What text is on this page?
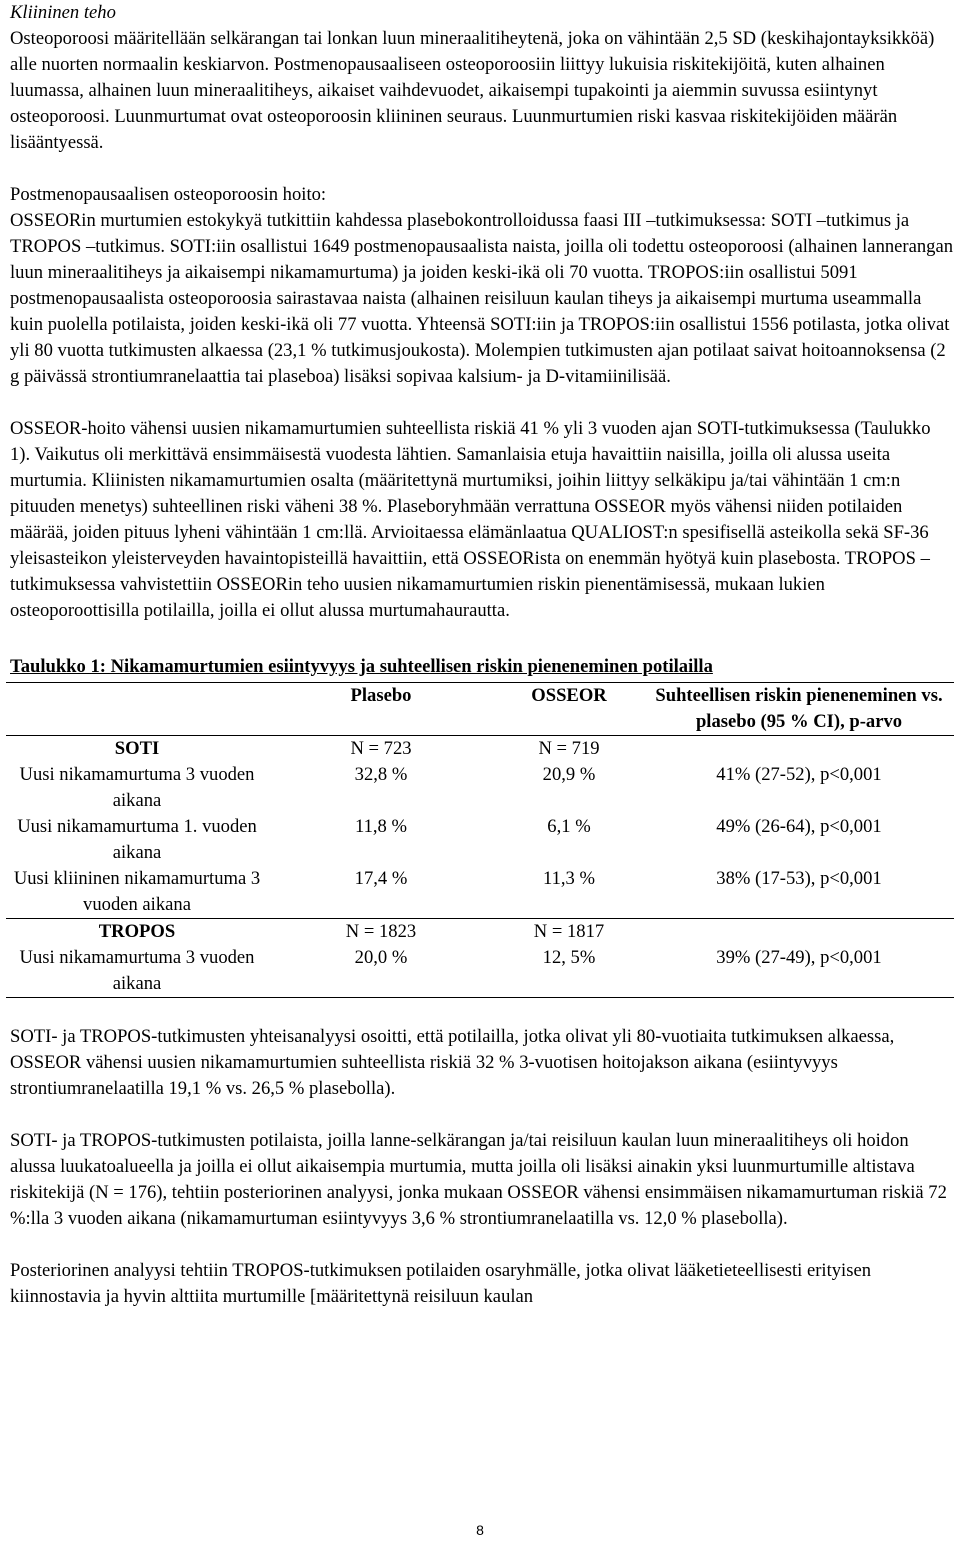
Kliininen teho

Osteoporoosi määritellään selkärangan tai lonkan luun mineraalitiheytenä, joka on vähintään 2,5 SD (keskihajontayksikköä) alle nuorten normaalin keskiarvon. Postmenopausaaliseen osteoporoosiin liittyy lukuisia riskitekijöitä, kuten alhainen luumassa, alhainen luun mineraalitiheys, aikaiset vaihdevuodet, aikaisempi tupakointi ja aiemmin suvussa esiintynyt osteoporoosi. Luunmurtumat ovat osteoporoosin kliininen seuraus. Luunmurtumien riski kasvaa riskitekijöiden määrän lisääntyessä.

Postmenopausaalisen osteoporoosin hoito:

OSSEORin murtumien estokykyä tutkittiin kahdessa plasebokontrolloidussa faasi III –tutkimuksessa: SOTI –tutkimus ja TROPOS –tutkimus. SOTI:iin osallistui 1649 postmenopausaalista naista, joilla oli todettu osteoporoosi (alhainen lannerangan luun mineraalitiheys ja aikaisempi nikamamurtuma) ja joiden keski-ikä oli 70 vuotta. TROPOS:iin osallistui 5091 postmenopausaalista osteoporoosia sairastavaa naista (alhainen reisiluun kaulan tiheys ja aikaisempi murtuma useammalla kuin puolella potilaista, joiden keski-ikä oli 77 vuotta. Yhteensä SOTI:iin ja TROPOS:iin osallistui 1556 potilasta, jotka olivat yli 80 vuotta tutkimusten alkaessa (23,1 % tutkimusjoukosta). Molempien tutkimusten ajan potilaat saivat hoitoannoksensa (2 g päivässä strontiumranelaattia tai plaseboa) lisäksi sopivaa kalsium- ja D-vitamiinilisää.

OSSEOR-hoito vähensi uusien nikamamurtumien suhteellista riskiä 41 % yli 3 vuoden ajan SOTI-tutkimuksessa (Taulukko 1). Vaikutus oli merkittävä ensimmäisestä vuodesta lähtien. Samanlaisia etuja havaittiin naisilla, joilla oli alussa useita murtumia. Kliinisten nikamamurtumien osalta (määritettynä murtumiksi, joihin liittyy selkäkipu ja/tai vähintään 1 cm:n pituuden menetys) suhteellinen riski väheni 38 %. Plaseboryhmään verrattuna OSSEOR myös vähensi niiden potilaiden määrää, joiden pituus lyheni vähintään 1 cm:llä. Arvioitaessa elämänlaatua QUALIOST:n spesifisellä asteikolla sekä SF-36 yleisasteikon yleisterveyden havaintopisteillä havaittiin, että OSSEORista on enemmän hyötyä kuin plasebosta. TROPOS –tutkimuksessa vahvistettiin OSSEORin teho uusien nikamamurtumien riskin pienentämisessä, mukaan lukien osteoporoottisilla potilailla, joilla ei ollut alussa murtumahaurautta.

Taulukko 1: Nikamamurtumien esiintyvyys ja suhteellisen riskin pieneneminen potilailla
	Plasebo	OSSEOR	Suhteellisen riskin pieneneminen vs. plasebo (95 % CI), p-arvo
SOTI	N = 723	N = 719	
Uusi nikamamurtuma 3 vuoden aikana	32,8 %	20,9 %	41% (27-52), p<0,001
Uusi nikamamurtuma 1. vuoden aikana	11,8 %	6,1 %	49% (26-64), p<0,001
Uusi kliininen nikamamurtuma 3 vuoden aikana	17,4 %	11,3 %	38% (17-53), p<0,001
TROPOS	N = 1823	N = 1817	
Uusi nikamamurtuma 3 vuoden aikana	20,0 %	12, 5%	39% (27-49), p<0,001

SOTI- ja TROPOS-tutkimusten yhteisanalyysi osoitti, että potilailla, jotka olivat yli 80-vuotiaita tutkimuksen alkaessa, OSSEOR vähensi uusien nikamamurtumien suhteellista riskiä 32 % 3-vuotisen hoitojakson aikana (esiintyvyys strontiumranelaatilla 19,1 % vs. 26,5 % plasebolla).

SOTI- ja TROPOS-tutkimusten potilaista, joilla lanne-selkärangan ja/tai reisiluun kaulan luun mineraalitiheys oli hoidon alussa luukatoalueella ja joilla ei ollut aikaisempia murtumia, mutta joilla oli lisäksi ainakin yksi luunmurtumille altistava riskitekijä (N = 176), tehtiin posteriorinen analyysi, jonka mukaan OSSEOR vähensi ensimmäisen nikamamurtuman riskiä 72 %:lla 3 vuoden aikana (nikamamurtuman esiintyvyys 3,6 % strontiumranelaatilla vs. 12,0 % plasebolla).

Posteriorinen analyysi tehtiin TROPOS-tutkimuksen potilaiden osaryhmälle, jotka olivat lääketieteellisesti erityisen kiinnostavia ja hyvin alttiita murtumille [määritettynä reisiluun kaulan

8
